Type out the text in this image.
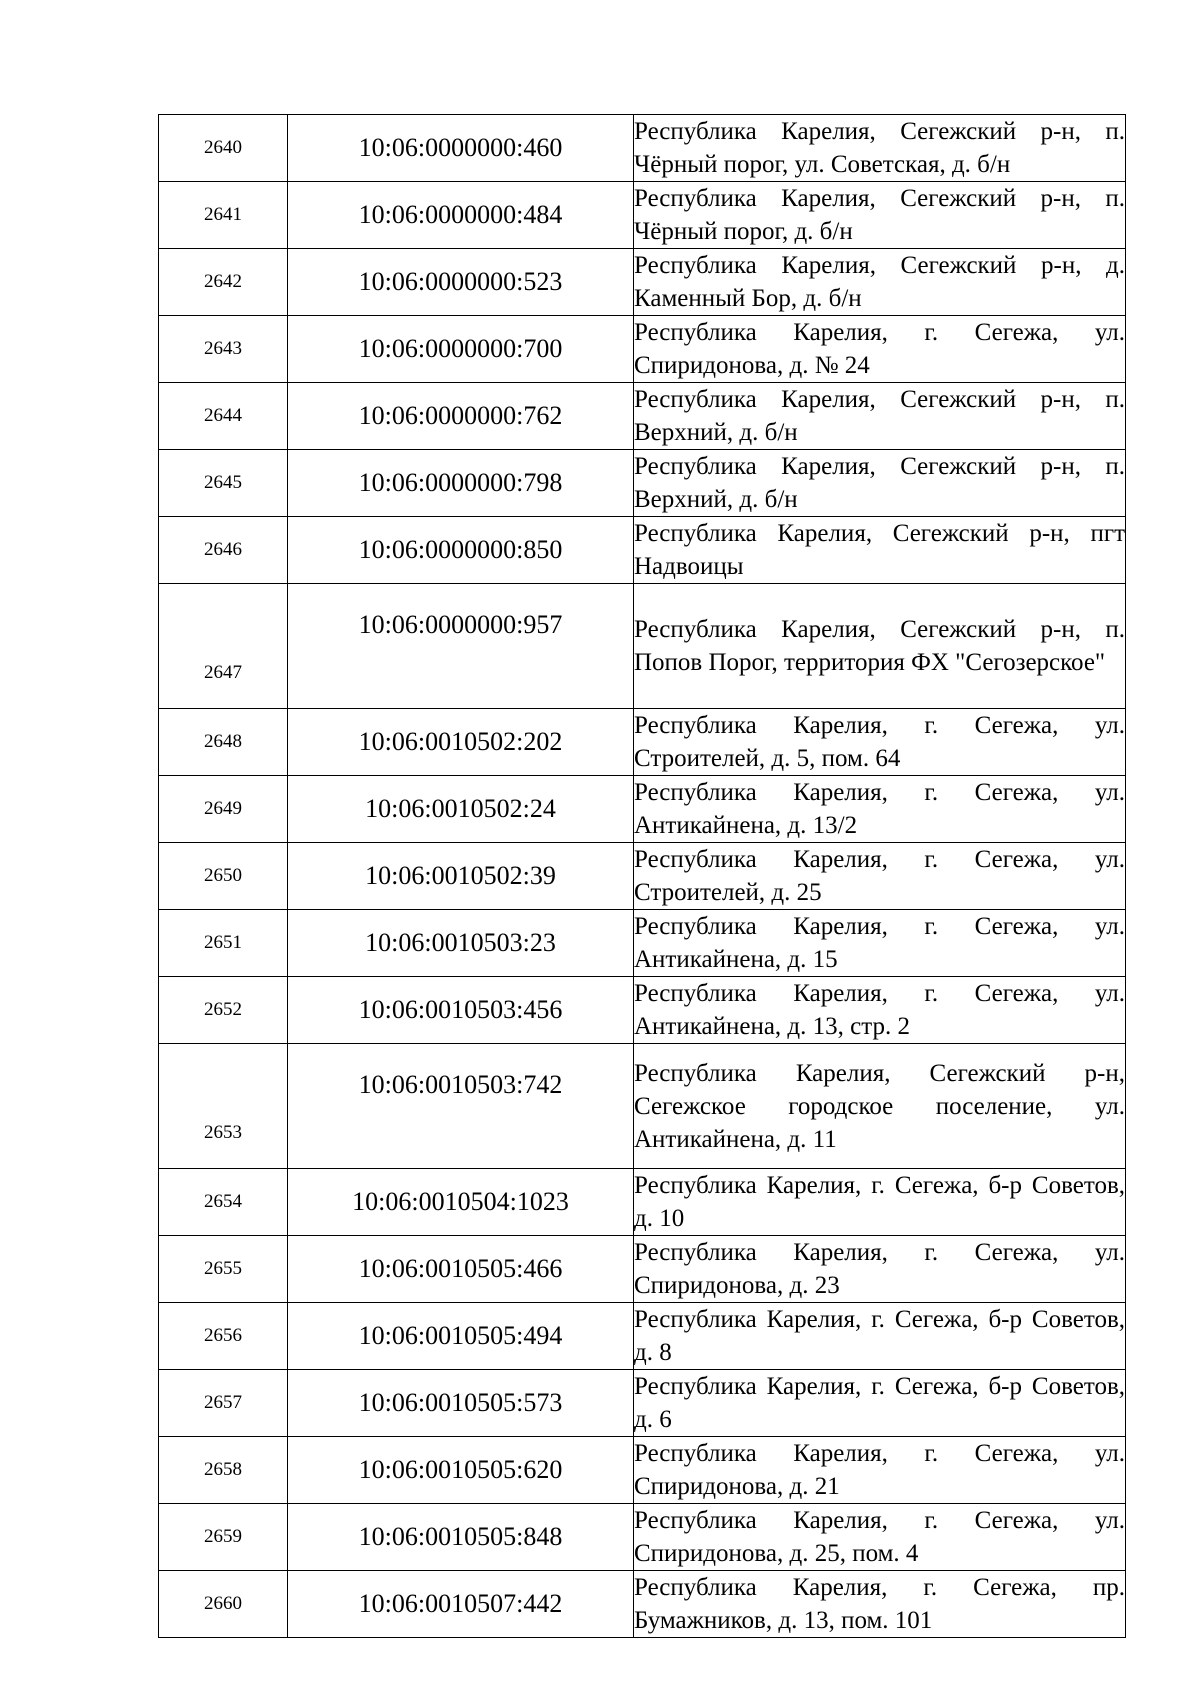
2640	10:06:0000000:460	Республика Карелия, Сегежский р-н, п. Чёрный порог, ул. Советская, д. б/н
2641	10:06:0000000:484	Республика Карелия, Сегежский р-н, п. Чёрный порог, д. б/н
2642	10:06:0000000:523	Республика Карелия, Сегежский р-н, д. Каменный Бор, д. б/н
2643	10:06:0000000:700	Республика Карелия, г. Сегежа, ул. Спиридонова, д. № 24
2644	10:06:0000000:762	Республика Карелия, Сегежский р-н, п. Верхний, д. б/н
2645	10:06:0000000:798	Республика Карелия, Сегежский р-н, п. Верхний, д. б/н
2646	10:06:0000000:850	Республика Карелия, Сегежский р-н, пгт Надвоицы
2647	10:06:0000000:957	Республика Карелия, Сегежский р-н, п. Попов Порог, территория ФХ "Сегозерское"
2648	10:06:0010502:202	Республика Карелия, г. Сегежа, ул. Строителей, д. 5, пом. 64
2649	10:06:0010502:24	Республика Карелия, г. Сегежа, ул. Антикайнена, д. 13/2
2650	10:06:0010502:39	Республика Карелия, г. Сегежа, ул. Строителей, д. 25
2651	10:06:0010503:23	Республика Карелия, г. Сегежа, ул. Антикайнена, д. 15
2652	10:06:0010503:456	Республика Карелия, г. Сегежа, ул. Антикайнена, д. 13, стр. 2
2653	10:06:0010503:742	Республика Карелия, Сегежский р-н, Сегежское городское поселение, ул. Антикайнена, д. 11
2654	10:06:0010504:1023	Республика Карелия, г. Сегежа, б-р Советов, д. 10
2655	10:06:0010505:466	Республика Карелия, г. Сегежа, ул. Спиридонова, д. 23
2656	10:06:0010505:494	Республика Карелия, г. Сегежа, б-р Советов, д. 8
2657	10:06:0010505:573	Республика Карелия, г. Сегежа, б-р Советов, д. 6
2658	10:06:0010505:620	Республика Карелия, г. Сегежа, ул. Спиридонова, д. 21
2659	10:06:0010505:848	Республика Карелия, г. Сегежа, ул. Спиридонова, д. 25, пом. 4
2660	10:06:0010507:442	Республика Карелия, г. Сегежа, пр. Бумажников, д. 13, пом. 101
